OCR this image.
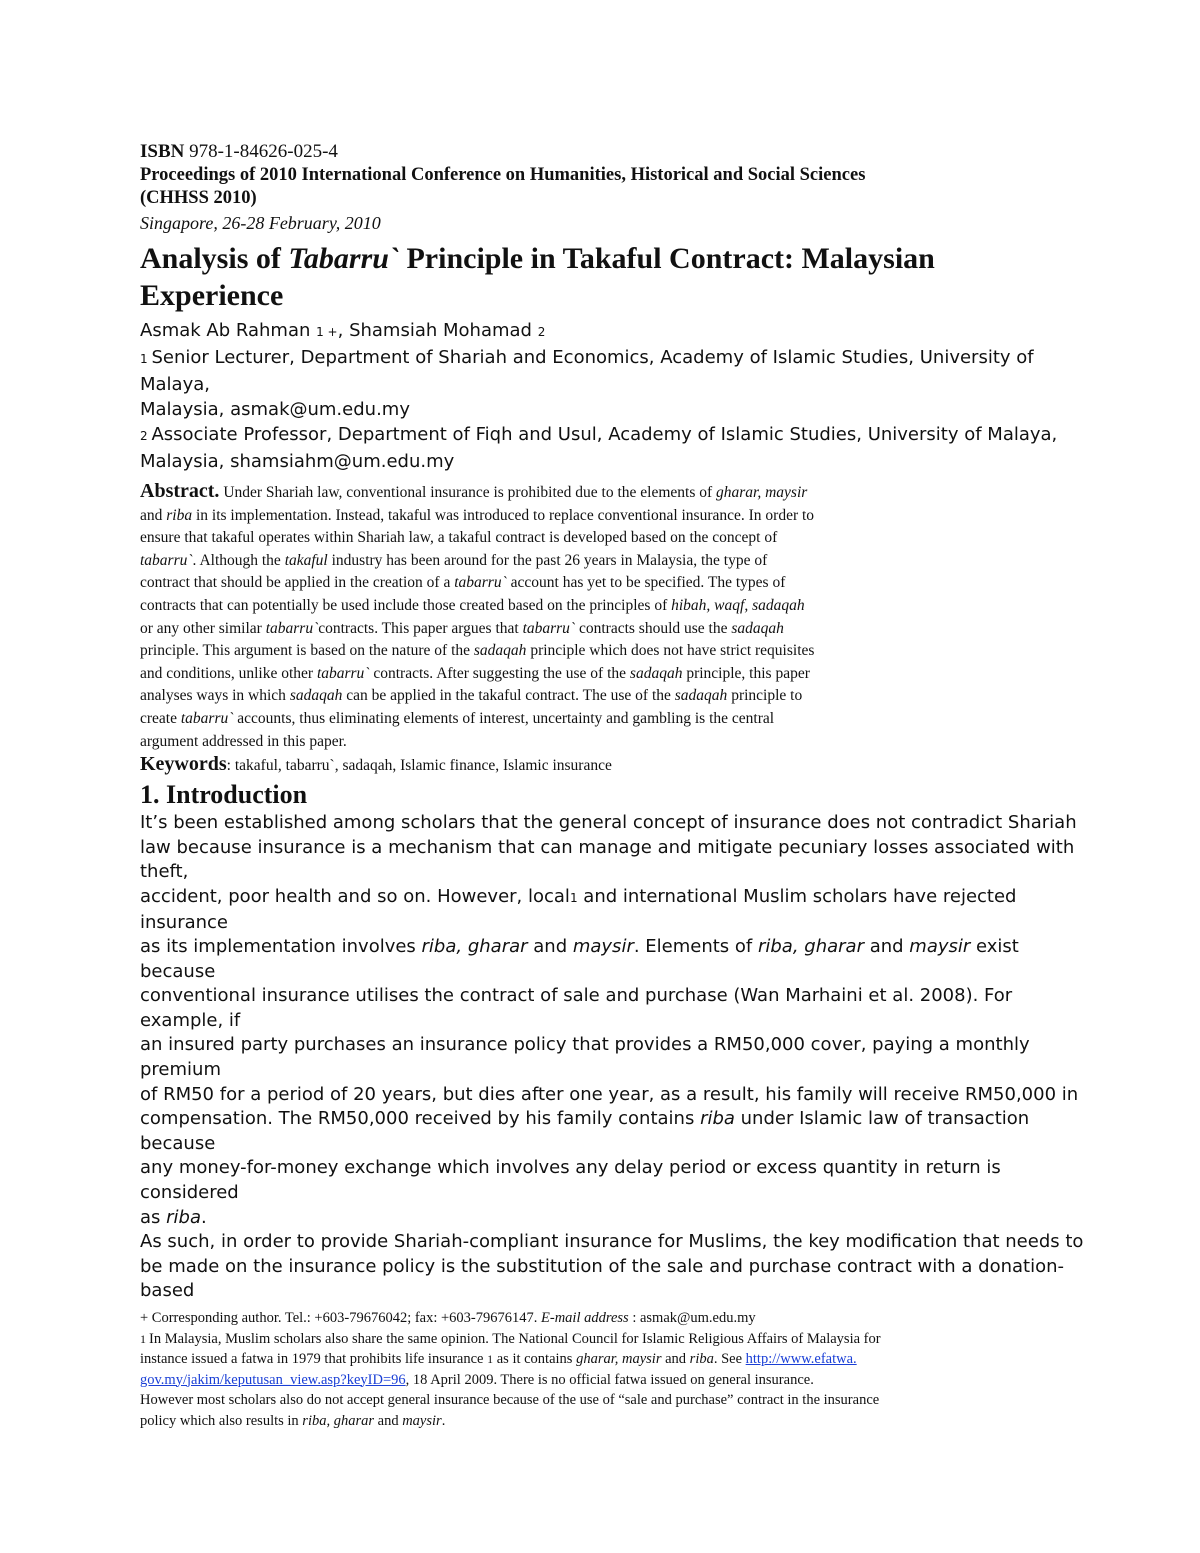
ISBN 978-1-84626-025-4
Proceedings of 2010 International Conference on Humanities, Historical and Social Sciences
(CHHSS 2010)
Singapore, 26-28 February, 2010
Analysis of Tabarru` Principle in Takaful Contract: Malaysian
Experience
Asmak Ab Rahman 1 +, Shamsiah Mohamad 2
1 Senior Lecturer, Department of Shariah and Economics, Academy of Islamic Studies, University of
Malaya,
Malaysia, asmak@um.edu.my
2 Associate Professor, Department of Fiqh and Usul, Academy of Islamic Studies, University of Malaya,
Malaysia, shamsiahm@um.edu.my
Abstract. Under Shariah law, conventional insurance is prohibited due to the elements of gharar, maysir
and riba in its implementation. Instead, takaful was introduced to replace conventional insurance. In order to
ensure that takaful operates within Shariah law, a takaful contract is developed based on the concept of
tabarru`. Although the takaful industry has been around for the past 26 years in Malaysia, the type of
contract that should be applied in the creation of a tabarru` account has yet to be specified. The types of
contracts that can potentially be used include those created based on the principles of hibah, waqf, sadaqah
or any other similar tabarru`contracts. This paper argues that tabarru` contracts should use the sadaqah
principle. This argument is based on the nature of the sadaqah principle which does not have strict requisites
and conditions, unlike other tabarru` contracts. After suggesting the use of the sadaqah principle, this paper
analyses ways in which sadaqah can be applied in the takaful contract. The use of the sadaqah principle to
create tabarru` accounts, thus eliminating elements of interest, uncertainty and gambling is the central
argument addressed in this paper.
Keywords: takaful, tabarru`, sadaqah, Islamic finance, Islamic insurance
1. Introduction
It’s been established among scholars that the general concept of insurance does not contradict Shariah
law because insurance is a mechanism that can manage and mitigate pecuniary losses associated with
theft,
accident, poor health and so on. However, local1 and international Muslim scholars have rejected
insurance
as its implementation involves riba, gharar and maysir. Elements of riba, gharar and maysir exist
because
conventional insurance utilises the contract of sale and purchase (Wan Marhaini et al. 2008). For
example, if
an insured party purchases an insurance policy that provides a RM50,000 cover, paying a monthly
premium
of RM50 for a period of 20 years, but dies after one year, as a result, his family will receive RM50,000 in
compensation. The RM50,000 received by his family contains riba under Islamic law of transaction
because
any money-for-money exchange which involves any delay period or excess quantity in return is
considered
as riba.
As such, in order to provide Shariah-compliant insurance for Muslims, the key modification that needs to
be made on the insurance policy is the substitution of the sale and purchase contract with a donation-
based
+ Corresponding author. Tel.: +603-79676042; fax: +603-79676147. E-mail address : asmak@um.edu.my
1 In Malaysia, Muslim scholars also share the same opinion. The National Council for Islamic Religious Affairs of Malaysia for
instance issued a fatwa in 1979 that prohibits life insurance 1 as it contains gharar, maysir and riba. See http://www.efatwa.
gov.my/jakim/keputusan_view.asp?keyID=96, 18 April 2009. There is no official fatwa issued on general insurance.
However most scholars also do not accept general insurance because of the use of “sale and purchase” contract in the insurance
policy which also results in riba, gharar and maysir.
